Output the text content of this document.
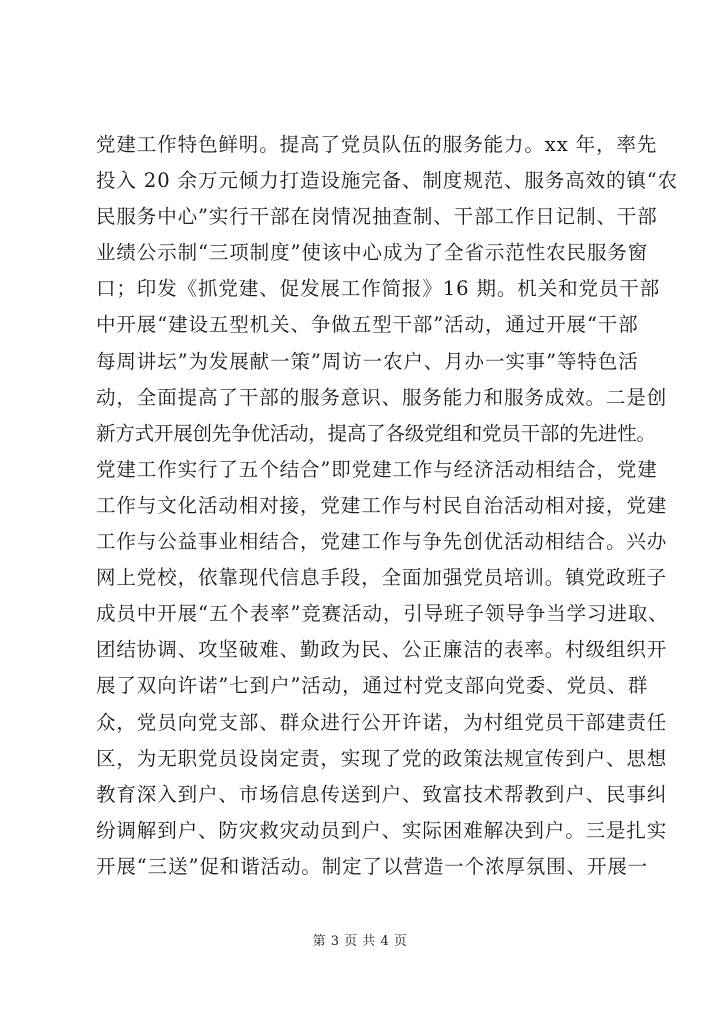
党建工作特色鲜明。提高了党员队伍的服务能力。xx 年，率先
投入 20 余万元倾力打造设施完备、制度规范、服务高效的镇“农
民服务中心”实行干部在岗情况抽查制、干部工作日记制、干部
业绩公示制“三项制度”使该中心成为了全省示范性农民服务窗
口；印发《抓党建、促发展工作简报》16 期。机关和党员干部
中开展“建设五型机关、争做五型干部”活动，通过开展“干部
每周讲坛”为发展献一策”周访一农户、月办一实事”等特色活
动，全面提高了干部的服务意识、服务能力和服务成效。二是创
新方式开展创先争优活动，提高了各级党组和党员干部的先进性。
党建工作实行了五个结合”即党建工作与经济活动相结合，党建
工作与文化活动相对接，党建工作与村民自治活动相对接，党建
工作与公益事业相结合，党建工作与争先创优活动相结合。兴办
网上党校，依靠现代信息手段，全面加强党员培训。镇党政班子
成员中开展“五个表率”竞赛活动，引导班子领导争当学习进取、
团结协调、攻坚破难、勤政为民、公正廉洁的表率。村级组织开
展了双向许诺”七到户”活动，通过村党支部向党委、党员、群
众，党员向党支部、群众进行公开许诺，为村组党员干部建责任
区，为无职党员设岗定责，实现了党的政策法规宣传到户、思想
教育深入到户、市场信息传送到户、致富技术帮教到户、民事纠
纷调解到户、防灾救灾动员到户、实际困难解决到户。三是扎实
开展“三送”促和谐活动。制定了以营造一个浓厚氛围、开展一
第 3 页 共 4 页
